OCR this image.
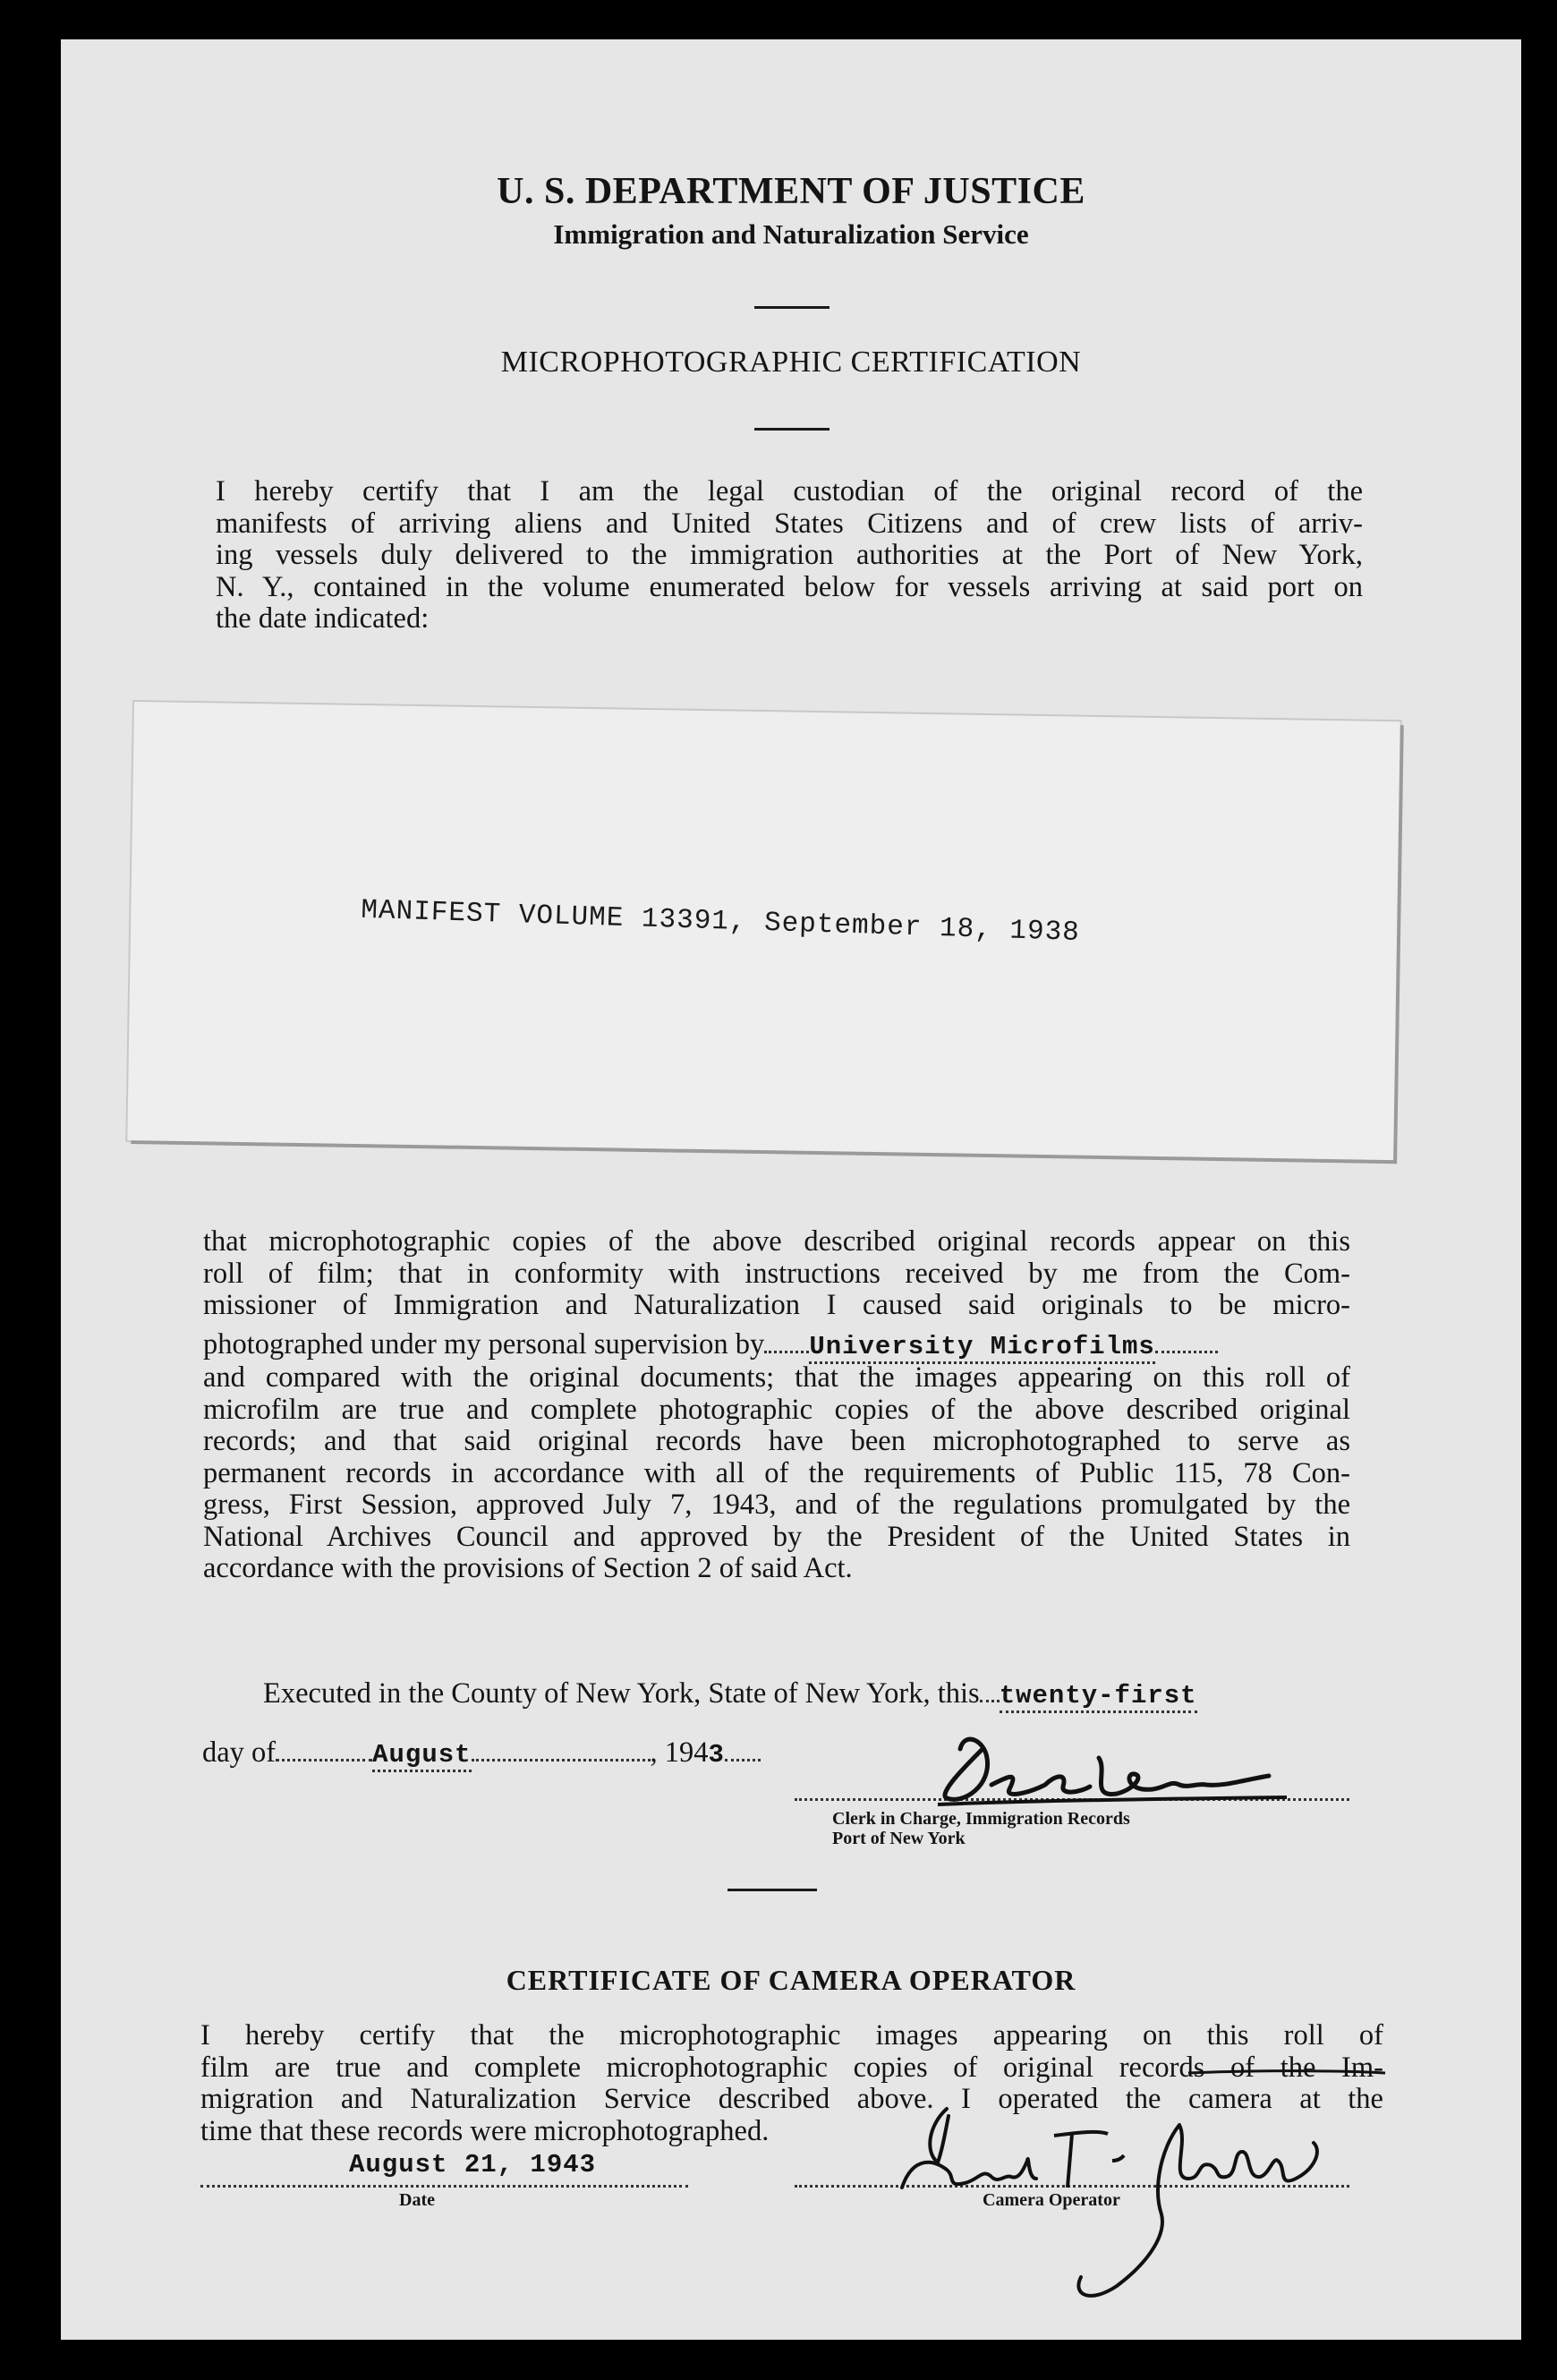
U. S. DEPARTMENT OF JUSTICE
Immigration and Naturalization Service
MICROPHOTOGRAPHIC CERTIFICATION
I hereby certify that I am the legal custodian of the original record of the
manifests of arriving aliens and United States Citizens and of crew lists of arriv-
ing vessels duly delivered to the immigration authorities at the Port of New York,
N. Y., contained in the volume enumerated below for vessels arriving at said port on
the date indicated:
MANIFEST VOLUME 13391, September 18, 1938
that microphotographic copies of the above described original records appear on this
roll of film; that in conformity with instructions received by me from the Com-
missioner of Immigration and Naturalization I caused said originals to be micro-
photographed under my personal supervision by University Microfilms
and compared with the original documents; that the images appearing on this roll of
microfilm are true and complete photographic copies of the above described original
records; and that said original records have been microphotographed to serve as
permanent records in accordance with all of the requirements of Public 115, 78 Con-
gress, First Session, approved July 7, 1943, and of the regulations promulgated by the
National Archives Council and approved by the President of the United States in
accordance with the provisions of Section 2 of said Act.
Executed in the County of New York, State of New York, this twenty-first
day of	August	, 1943
Clerk in Charge, Immigration Records
Port of New York
CERTIFICATE OF CAMERA OPERATOR
I hereby certify that the microphotographic images appearing on this roll of
film are true and complete microphotographic copies of original records of the Im-
migration and Naturalization Service described above. I operated the camera at the
time that these records were microphotographed.
August 21, 1943
Date	Camera Operator
